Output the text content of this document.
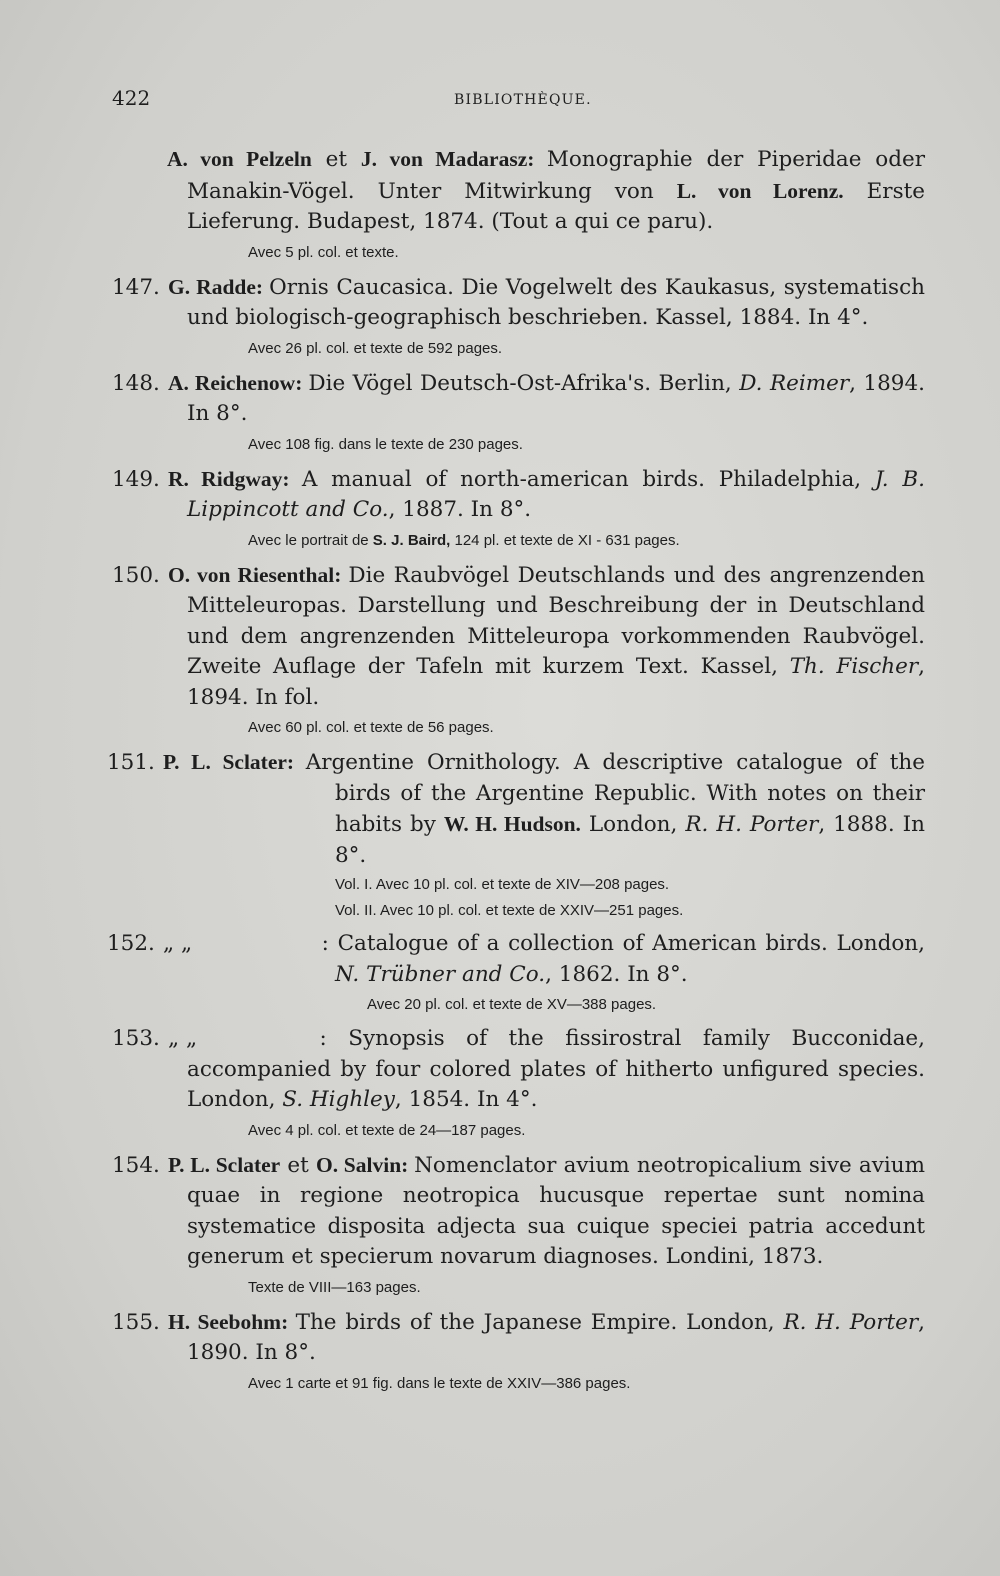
422	BIBLIOTHÈQUE.
A. von Pelzeln et J. von Madarasz: Monographie der Piperidae oder Manakin-Vögel. Unter Mitwirkung von L. von Lorenz. Erste Lieferung. Budapest, 1874. (Tout a qui ce paru).
Avec 5 pl. col. et texte.
147. G. Radde: Ornis Caucasica. Die Vogelwelt des Kaukasus, systematisch und biologisch-geographisch beschrieben. Kassel, 1884. In 4°.
Avec 26 pl. col. et texte de 592 pages.
148. A. Reichenow: Die Vögel Deutsch-Ost-Afrika's. Berlin, D. Reimer, 1894. In 8°.
Avec 108 fig. dans le texte de 230 pages.
149. R. Ridgway: A manual of north-american birds. Philadelphia, J. B. Lippincott and Co., 1887. In 8°.
Avec le portrait de S. J. Baird, 124 pl. et texte de XI - 631 pages.
150. O. von Riesenthal: Die Raubvögel Deutschlands und des angrenzenden Mitteleuropas. Darstellung und Beschreibung der in Deutschland und dem angrenzenden Mitteleuropa vorkommenden Raubvögel. Zweite Auflage der Tafeln mit kurzem Text. Kassel, Th. Fischer, 1894. In fol.
Avec 60 pl. col. et texte de 56 pages.
151. P. L. Sclater: Argentine Ornithology. A descriptive catalogue of the birds of the Argentine Republic. With notes on their habits by W. H. Hudson. London, R. H. Porter, 1888. In 8°.
Vol. I. Avec 10 pl. col. et texte de XIV—208 pages.
Vol. II. Avec 10 pl. col. et texte de XXIV—251 pages.
152. „ „	: Catalogue of a collection of American birds. London, N. Trübner and Co., 1862. In 8°.
Avec 20 pl. col. et texte de XV—388 pages.
153. „ „	: Synopsis of the fissirostral family Bucconidae, accompanied by four colored plates of hitherto unfigured species. London, S. Highley, 1854. In 4°.
Avec 4 pl. col. et texte de 24—187 pages.
154. P. L. Sclater et O. Salvin: Nomenclator avium neotropicalium sive avium quae in regione neotropica hucusque repertae sunt nomina systematice disposita adjecta sua cuique speciei patria accedunt generum et specierum novarum diagnoses. Londini, 1873.
Texte de VIII—163 pages.
155. H. Seebohm: The birds of the Japanese Empire. London, R. H. Porter, 1890. In 8°.
Avec 1 carte et 91 fig. dans le texte de XXIV—386 pages.
